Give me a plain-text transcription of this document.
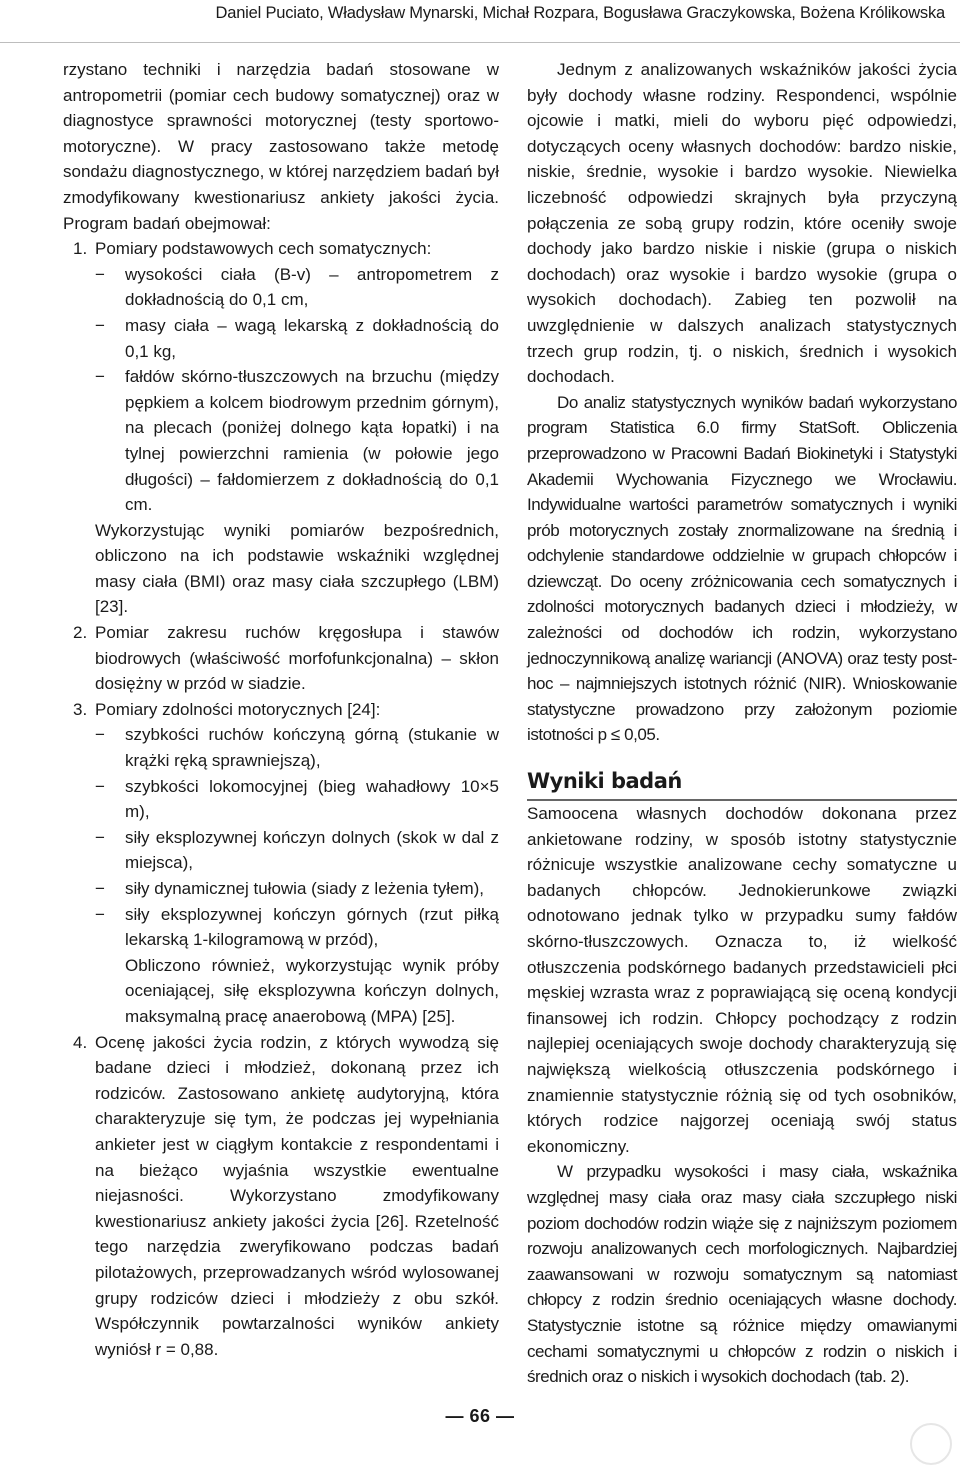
Daniel Puciato, Władysław Mynarski, Michał Rozpara, Bogusława Graczykowska, Bożena Królikowska

rzystano techniki i narzędzia badań stosowane w antropometrii (pomiar cech budowy somatycznej) oraz w diagnostyce sprawności motorycznej (testy sportowo-motoryczne). W pracy zastosowano także metodę sondażu diagnostycznego, w której narzędziem badań był zmodyfikowany kwestionariusz ankiety jakości życia. Program badań obejmował:

1. Pomiary podstawowych cech somatycznych:

− wysokości ciała (B-v) – antropometrem z dokładnością do 0,1 cm,
− masy ciała – wagą lekarską z dokładnością do 0,1 kg,
− fałdów skórno-tłuszczowych na brzuchu (między pępkiem a kolcem biodrowym przednim górnym), na plecach (poniżej dolnego kąta łopatki) i na tylnej powierzchni ramienia (w połowie jego długości) – fałdomierzem z dokładnością do 0,1 cm.

Wykorzystując wyniki pomiarów bezpośrednich, obliczono na ich podstawie wskaźniki względnej masy ciała (BMI) oraz masy ciała szczupłego (LBM) [23].

2. Pomiar zakresu ruchów kręgosłupa i stawów biodrowych (właściwość morfofunkcjonalna) – skłon dosiężny w przód w siadzie.

3. Pomiary zdolności motorycznych [24]:

− szybkości ruchów kończyną górną (stukanie w krążki ręką sprawniejszą),
− szybkości lokomocyjnej (bieg wahadłowy 10×5 m),
− siły eksplozywnej kończyn dolnych (skok w dal z miejsca),
− siły dynamicznej tułowia (siady z leżenia tyłem),
− siły eksplozywnej kończyn górnych (rzut piłką lekarską 1-kilogramową w przód),

Obliczono również, wykorzystując wynik próby oceniającej, siłę eksplozywna kończyn dolnych, maksymalną pracę anaerobową (MPA) [25].

4. Ocenę jakości życia rodzin, z których wywodzą się badane dzieci i młodzież, dokonaną przez ich rodziców. Zastosowano ankietę audytoryjną, która charakteryzuje się tym, że podczas jej wypełniania ankieter jest w ciągłym kontakcie z respondentami i na bieżąco wyjaśnia wszystkie ewentualne niejasności. Wykorzystano zmodyfikowany kwestionariusz ankiety jakości życia [26]. Rzetelność tego narzędzia zweryfikowano podczas badań pilotażowych, przeprowadzanych wśród wylosowanej grupy rodziców dzieci i młodzieży z obu szkół. Współczynnik powtarzalności wyników ankiety wyniósł r = 0,88.

Jednym z analizowanych wskaźników jakości życia były dochody własne rodziny. Respondenci, wspólnie ojcowie i matki, mieli do wyboru pięć odpowiedzi, dotyczących oceny własnych dochodów: bardzo niskie, niskie, średnie, wysokie i bardzo wysokie. Niewielka liczebność odpowiedzi skrajnych była przyczyną połączenia ze sobą grupy rodzin, które oceniły swoje dochody jako bardzo niskie i niskie (grupa o niskich dochodach) oraz wysokie i bardzo wysokie (grupa o wysokich dochodach). Zabieg ten pozwolił na uwzględnienie w dalszych analizach statystycznych trzech grup rodzin, tj. o niskich, średnich i wysokich dochodach.

Do analiz statystycznych wyników badań wykorzystano program Statistica 6.0 firmy StatSoft. Obliczenia przeprowadzono w Pracowni Badań Biokinetyki i Statystyki Akademii Wychowania Fizycznego we Wrocławiu. Indywidualne wartości parametrów somatycznych i wyniki prób motorycznych zostały znormalizowane na średnią i odchylenie standardowe oddzielnie w grupach chłopców i dziewcząt. Do oceny zróżnicowania cech somatycznych i zdolności motorycznych badanych dzieci i młodzieży, w zależności od dochodów ich rodzin, wykorzystano jednoczynnikową analizę wariancji (ANOVA) oraz testy post-hoc – najmniejszych istotnych różnić (NIR). Wnioskowanie statystyczne prowadzono przy założonym poziomie istotności p ≤ 0,05.

Wyniki badań

Samoocena własnych dochodów dokonana przez ankietowane rodziny, w sposób istotny statystycznie różnicuje wszystkie analizowane cechy somatyczne u badanych chłopców. Jednokierunkowe związki odnotowano jednak tylko w przypadku sumy fałdów skórno-tłuszczowych. Oznacza to, iż wielkość otłuszczenia podskórnego badanych przedstawicieli płci męskiej wzrasta wraz z poprawiającą się oceną kondycji finansowej ich rodzin. Chłopcy pochodzący z rodzin najlepiej oceniających swoje dochody charakteryzują się największą wielkością otłuszczenia podskórnego i znamiennie statystycznie różnią się od tych osobników, których rodzice najgorzej oceniają swój status ekonomiczny.

W przypadku wysokości i masy ciała, wskaźnika względnej masy ciała oraz masy ciała szczupłego niski poziom dochodów rodzin wiąże się z najniższym poziomem rozwoju analizowanych cech morfologicznych. Najbardziej zaawansowani w rozwoju somatycznym są natomiast chłopcy z rodzin średnio oceniających własne dochody. Statystycznie istotne są różnice między omawianymi cechami somatycznymi u chłopców z rodzin o niskich i średnich oraz o niskich i wysokich dochodach (tab. 2).

— 66 —
